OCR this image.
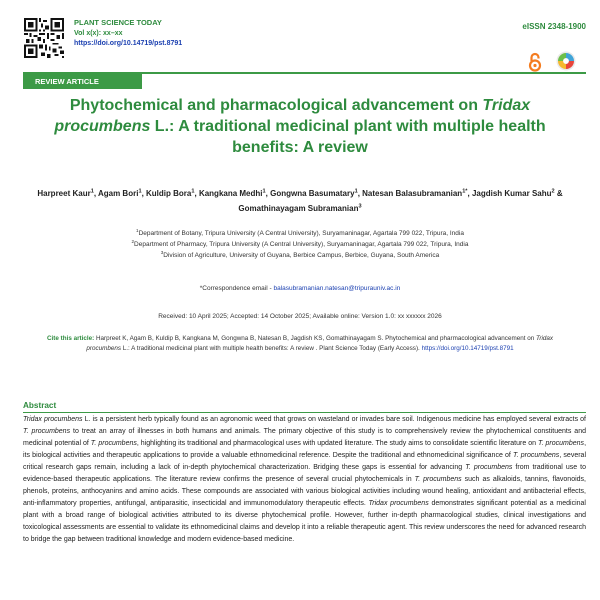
PLANT SCIENCE TODAY
Vol x(x): xx–xx
https://doi.org/10.14719/pst.8791
eISSN 2348-1900
REVIEW ARTICLE
Phytochemical and pharmacological advancement on Tridax procumbens L.: A traditional medicinal plant with multiple health benefits: A review

Harpreet Kaur$^1$, Agam Bori$^1$, Kuldip Bora$^1$, Kangkana Medhi$^1$, Gongwna Basumatary$^1$, Natesan Balasubramanian$^{1*}$, Jagdish Kumar Sahu$^2$ & Gomathinayagam Subramanian$^3$

$^1$Department of Botany, Tripura University (A Central University), Suryamaninagar, Agartala 799 022, Tripura, India
$^2$Department of Pharmacy, Tripura University (A Central University), Suryamaninagar, Agartala 799 022, Tripura, India
$^3$Division of Agriculture, University of Guyana, Berbice Campus, Berbice, Guyana, South America
*Correspondence email - balasubramanian.natesan@tripurauniv.ac.in
Received: 10 April 2025; Accepted: 14 October 2025; Available online: Version 1.0: xx xxxxxx 2026
Cite this article: Harpreet K, Agam B, Kuldip B, Kangkana M, Gongwna B, Natesan B, Jagdish KS, Gomathinayagam S. Phytochemical and pharmacological advancement on Tridax procumbens L.: A traditional medicinal plant with multiple health benefits: A review . Plant Science Today (Early Access). https://doi.org/10.14719/pst.8791
Abstract

Tridax procumbens L. is a persistent herb typically found as an agronomic weed that grows on wasteland or invades bare soil. Indigenous medicine has employed several extracts of T. procumbens to treat an array of illnesses in both humans and animals. The primary objective of this study is to comprehensively review the phytochemical constituents and medicinal potential of T. procumbens, highlighting its traditional and pharmacological uses with updated literature. The study aims to consolidate scientific literature on T. procumbens, its biological activities and therapeutic applications to provide a valuable ethnomedicinal reference. Despite the traditional and ethnomedicinal significance of T. procumbens, several critical research gaps remain, including a lack of in-depth phytochemical characterization. Bridging these gaps is essential for advancing T. procumbens from traditional use to evidence-based therapeutic applications. The literature review confirms the presence of several crucial phytochemicals in T. procumbens such as alkaloids, tannins, flavonoids, phenols, proteins, anthocyanins and amino acids. These compounds are associated with various biological activities including wound healing, antioxidant and antibacterial effects, anti-inflammatory properties, antifungal, antiparasitic, insecticidal and immunomodulatory therapeutic effects. Tridax procumbens demonstrates significant potential as a medicinal plant with a broad range of biological activities attributed to its diverse phytochemical profile. However, further in-depth pharmacological studies, clinical investigations and toxicological assessments are essential to validate its ethnomedicinal claims and develop it into a reliable therapeutic agent. This review underscores the need for advanced research to bridge the gap between traditional knowledge and modern evidence-based medicine.
